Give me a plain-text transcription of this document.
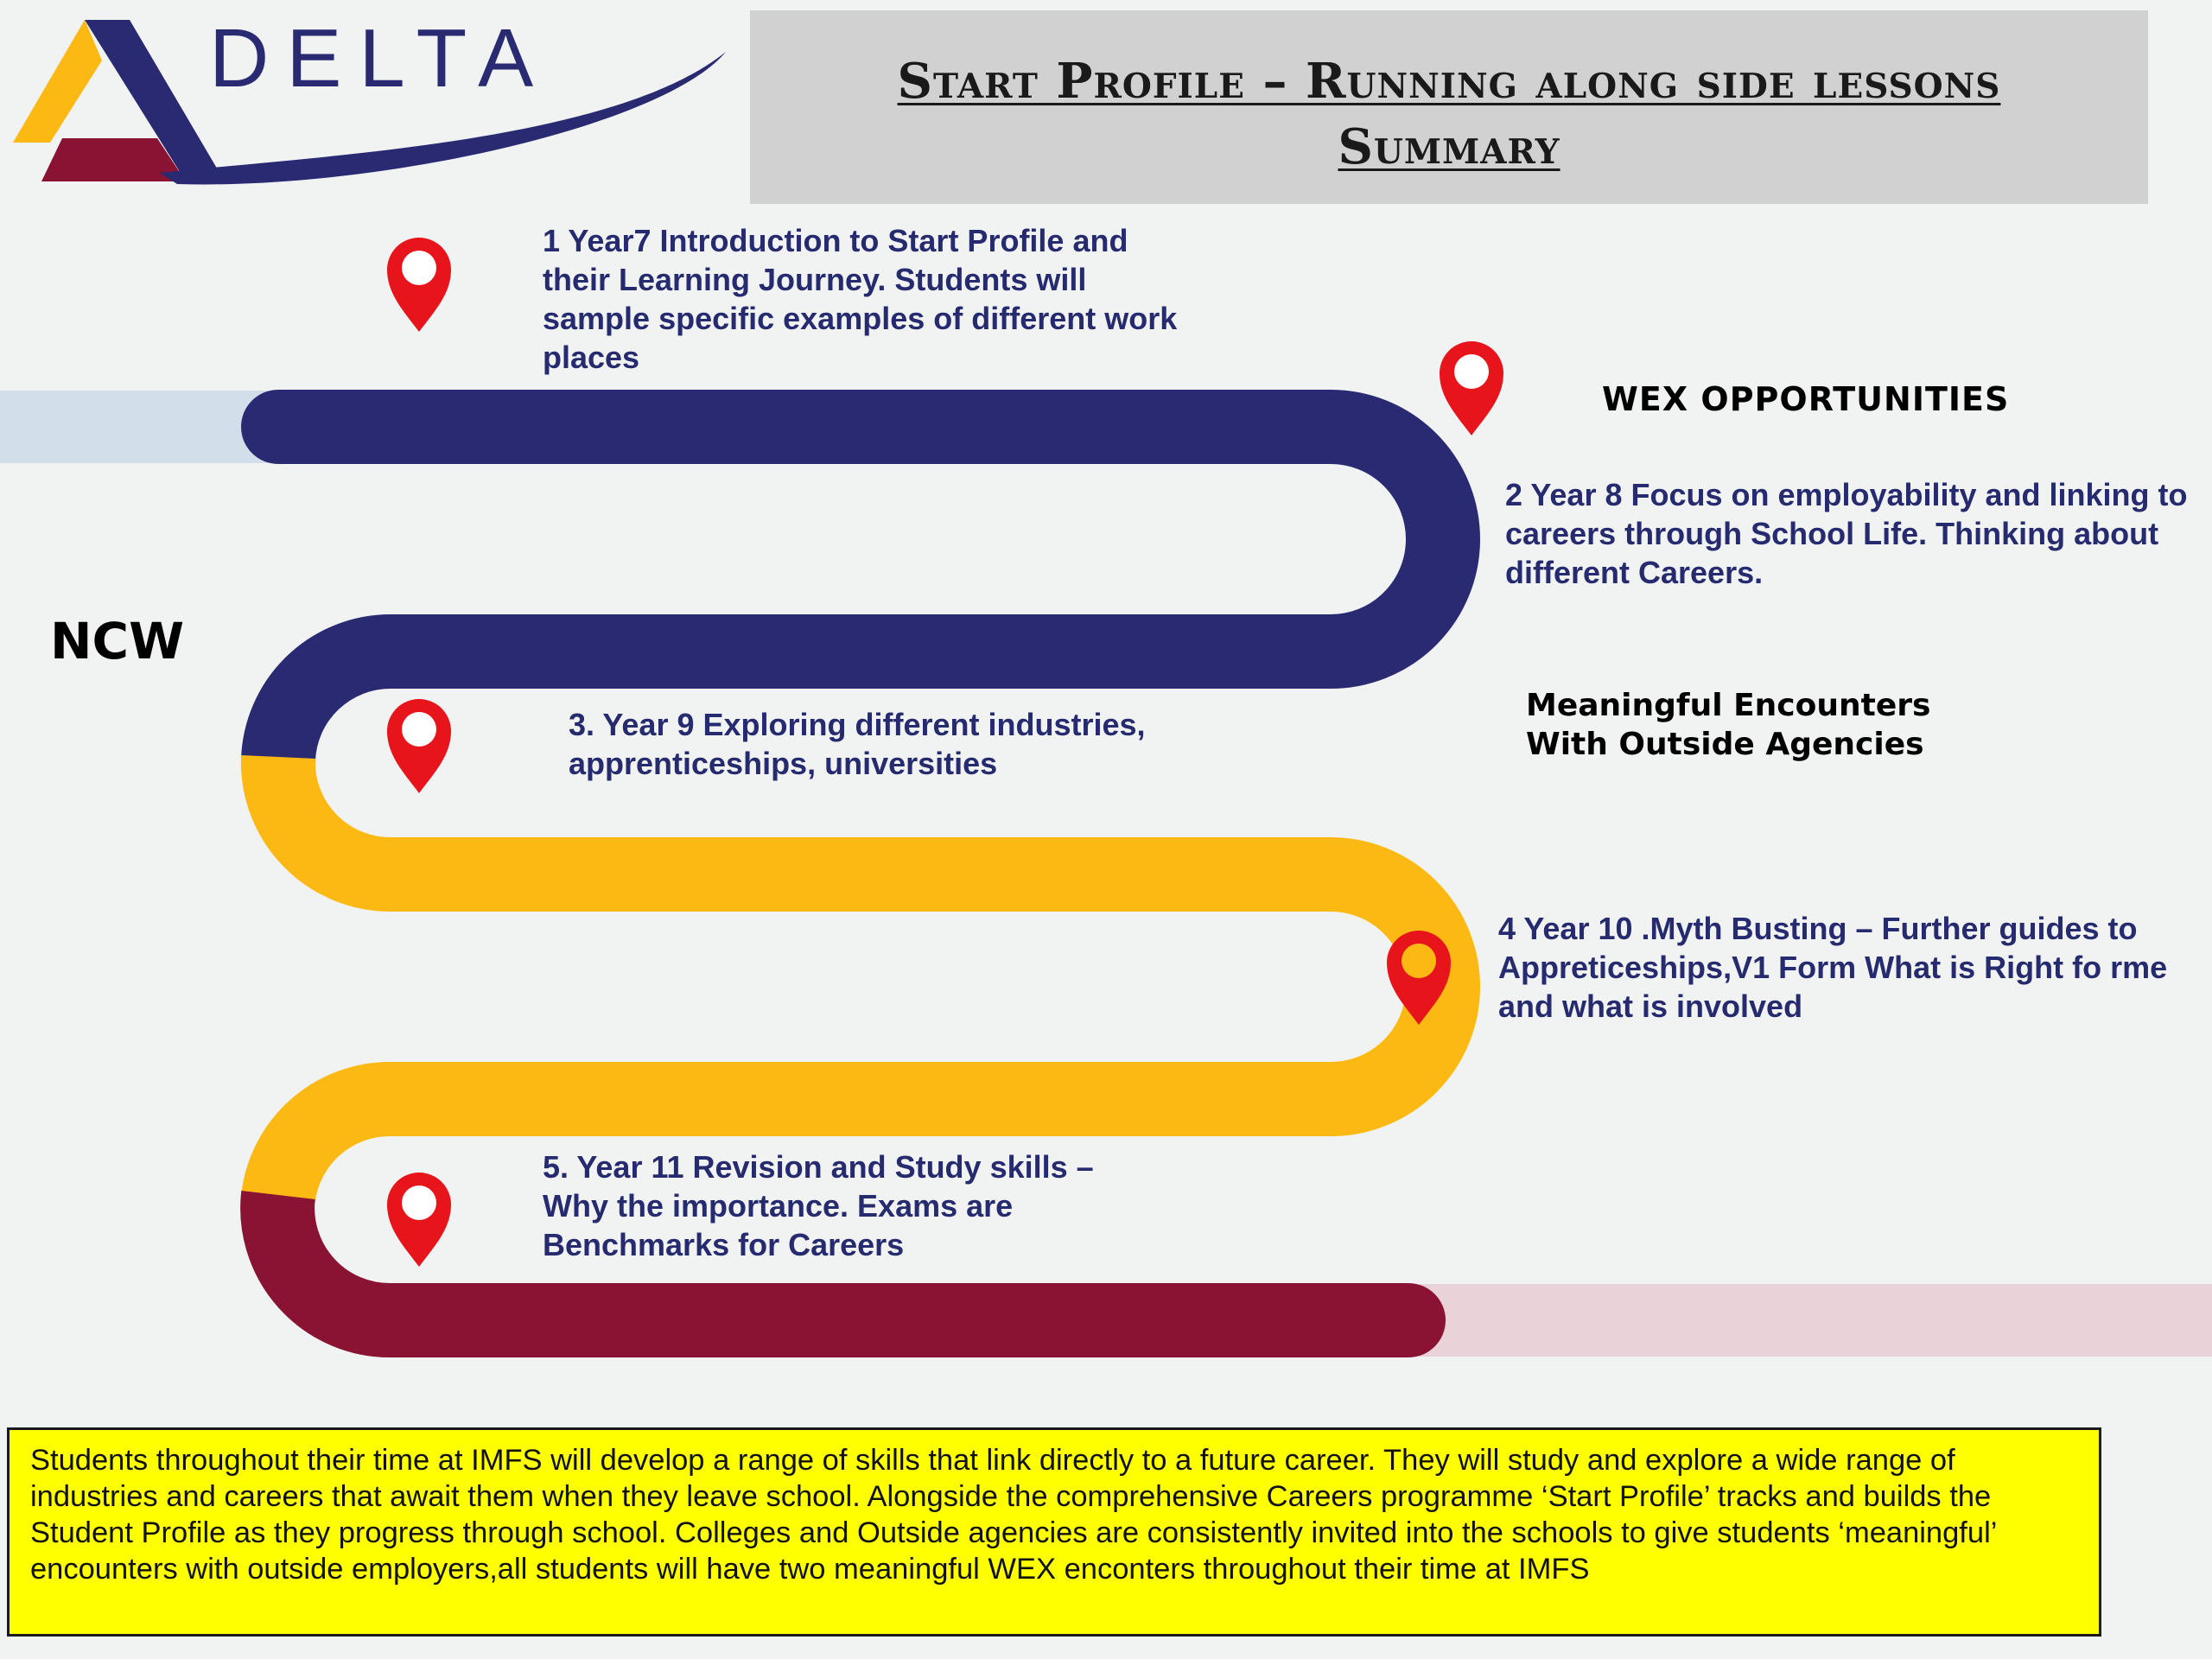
DELTA	Start Profile – Running along side lessons
Summary
1 Year7 Introduction to Start Profile and their Learning Journey. Students will sample specific examples of different work places
2 Year 8 Focus on employability and linking to careers through School Life. Thinking about different Careers.
3. Year 9 Exploring different industries, apprenticeships, universities
4 Year 10 .Myth Busting – Further guides to Appreticeships,V1 Form What is Right fo rme and what is involved
5. Year 11 Revision and Study skills – Why the importance. Exams are Benchmarks for Careers
WEX OPPORTUNITIES
NCW
Meaningful Encounters
With Outside Agencies
Students throughout their time at IMFS will develop a range of skills that link directly to a future career. They will study and explore a wide range of industries and careers that await them when they leave school. Alongside the comprehensive Careers programme ‘Start Profile’ tracks and builds the Student Profile as they progress through school. Colleges and Outside agencies are consistently invited into the schools to give students ‘meaningful’ encounters with outside employers,all students will have two meaningful WEX enconters throughout their time at IMFS
